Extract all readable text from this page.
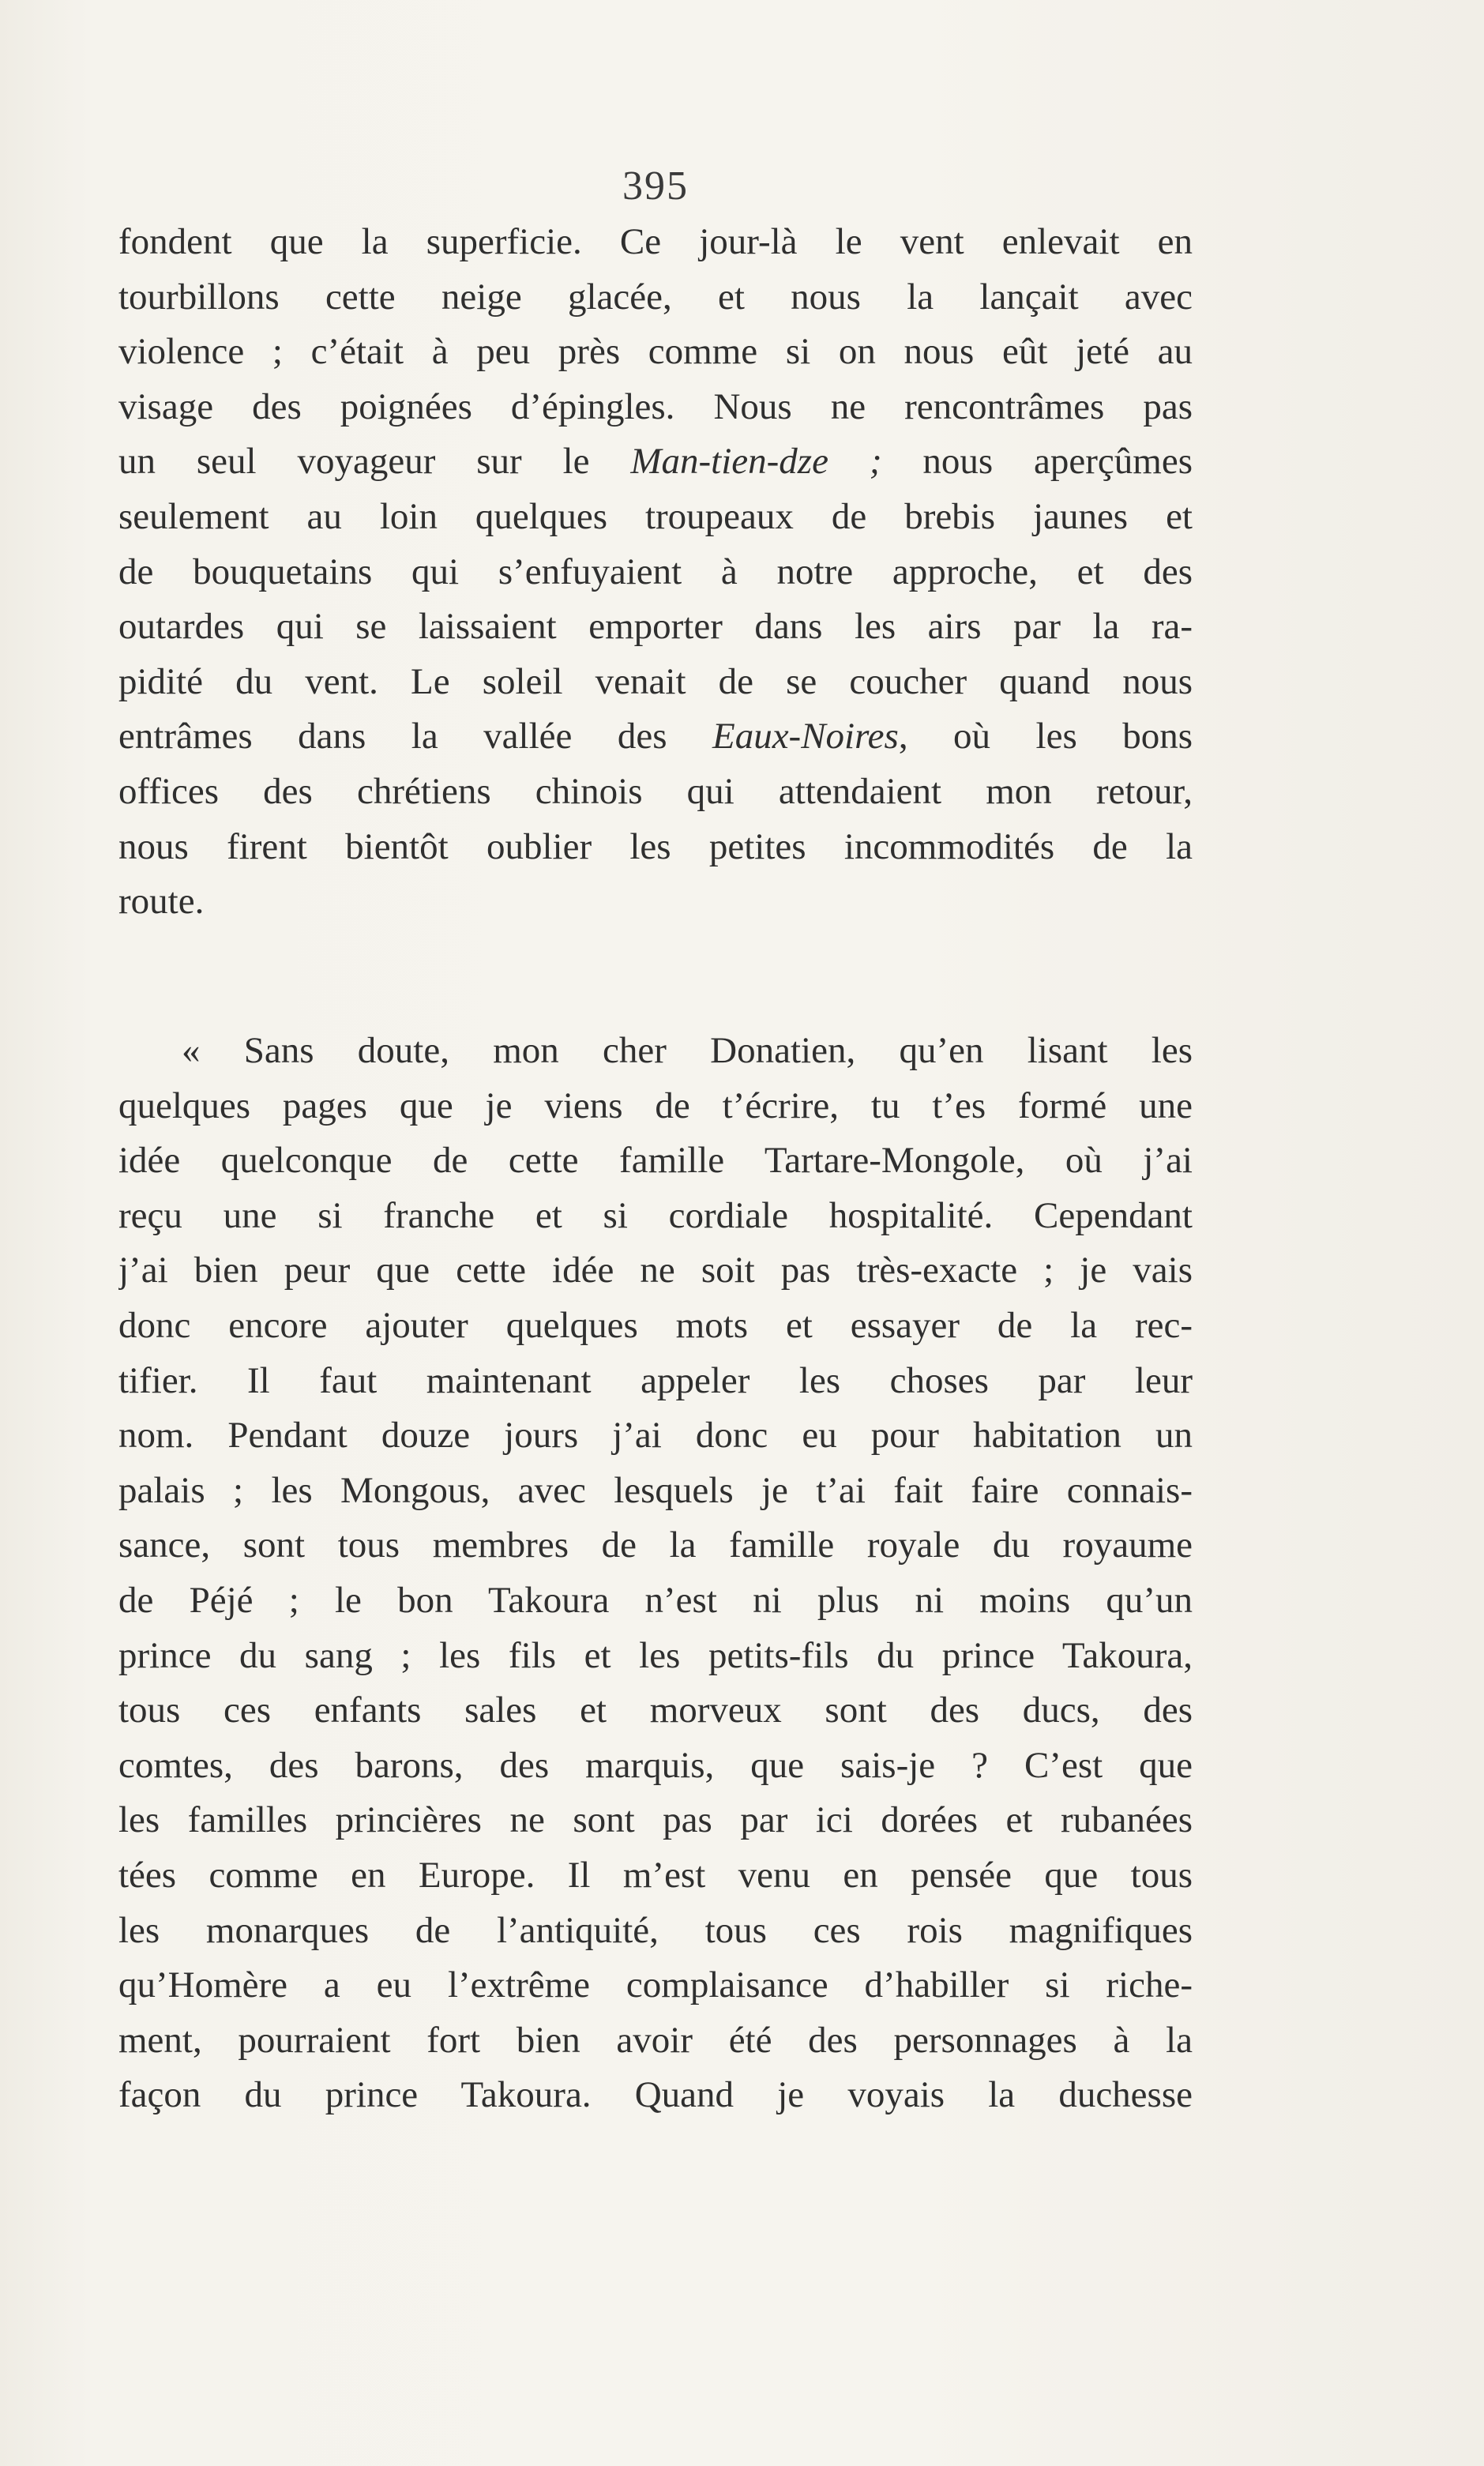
395
fondent que la superficie. Ce jour-là le vent enlevait en
tourbillons cette neige glacée, et nous la lançait avec
violence ; c’était à peu près comme si on nous eût jeté au
visage des poignées d’épingles. Nous ne rencontrâmes pas
un seul voyageur sur le Man-tien-dze ; nous aperçûmes
seulement au loin quelques troupeaux de brebis jaunes et
de bouquetains qui s’enfuyaient à notre approche, et des
outardes qui se laissaient emporter dans les airs par la ra-
pidité du vent. Le soleil venait de se coucher quand nous
entrâmes dans la vallée des Eaux-Noires, où les bons
offices des chrétiens chinois qui attendaient mon retour,
nous firent bientôt oublier les petites incommodités de la
route.
« Sans doute, mon cher Donatien, qu’en lisant les
quelques pages que je viens de t’écrire, tu t’es formé une
idée quelconque de cette famille Tartare-Mongole, où j’ai
reçu une si franche et si cordiale hospitalité. Cependant
j’ai bien peur que cette idée ne soit pas très-exacte ; je vais
donc encore ajouter quelques mots et essayer de la rec-
tifier. Il faut maintenant appeler les choses par leur
nom. Pendant douze jours j’ai donc eu pour habitation un
palais ; les Mongous, avec lesquels je t’ai fait faire connais-
sance, sont tous membres de la famille royale du royaume
de Péjé ; le bon Takoura n’est ni plus ni moins qu’un
prince du sang ; les fils et les petits-fils du prince Takoura,
tous ces enfants sales et morveux sont des ducs, des
comtes, des barons, des marquis, que sais-je ? C’est que
les familles princières ne sont pas par ici dorées et rubanées
tées comme en Europe. Il m’est venu en pensée que tous
les monarques de l’antiquité, tous ces rois magnifiques
qu’Homère a eu l’extrême complaisance d’habiller si riche-
ment, pourraient fort bien avoir été des personnages à la
façon du prince Takoura. Quand je voyais la duchesse
